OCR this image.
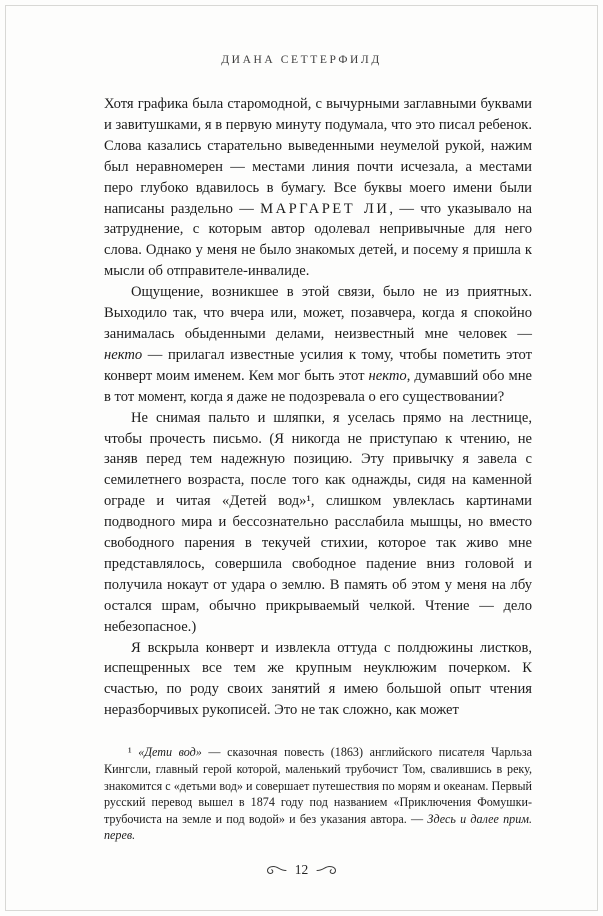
ДИАНА СЕТТЕРФИЛД

Хотя графика была старомодной, с вычурными заглавными буквами и завитушками, я в первую минуту подумала, что это писал ребенок. Слова казались старательно выведенными неумелой рукой, нажим был неравномерен — местами линия почти исчезала, а местами перо глубоко вдавилось в бумагу. Все буквы моего имени были написаны раздельно — МАРГАРЕТ ЛИ, — что указывало на затруднение, с которым автор одолевал непривычные для него слова. Однако у меня не было знакомых детей, и посему я пришла к мысли об отправителе-инвалиде.

Ощущение, возникшее в этой связи, было не из приятных. Выходило так, что вчера или, может, позавчера, когда я спокойно занималась обыденными делами, неизвестный мне человек — некто — прилагал известные усилия к тому, чтобы пометить этот конверт моим именем. Кем мог быть этот некто, думавший обо мне в тот момент, когда я даже не подозревала о его существовании?

Не снимая пальто и шляпки, я уселась прямо на лестнице, чтобы прочесть письмо. (Я никогда не приступаю к чтению, не заняв перед тем надежную позицию. Эту привычку я завела с семилетнего возраста, после того как однажды, сидя на каменной ограде и читая «Детей вод»¹, слишком увлеклась картинами подводного мира и бессознательно расслабила мышцы, но вместо свободного парения в текучей стихии, которое так живо мне представлялось, совершила свободное падение вниз головой и получила нокаут от удара о землю. В память об этом у меня на лбу остался шрам, обычно прикрываемый челкой. Чтение — дело небезопасное.)

Я вскрыла конверт и извлекла оттуда с полдюжины листков, испещренных все тем же крупным неуклюжим почерком. К счастью, по роду своих занятий я имею большой опыт чтения неразборчивых рукописей. Это не так сложно, как может

¹ «Дети вод» — сказочная повесть (1863) английского писателя Чарльза Кингсли, главный герой которой, маленький трубочист Том, свалившись в реку, знакомится с «детьми вод» и совершает путешествия по морям и океанам. Первый русский перевод вышел в 1874 году под названием «Приключения Фомушки-трубочиста на земле и под водой» и без указания автора. — Здесь и далее прим. перев.
12
